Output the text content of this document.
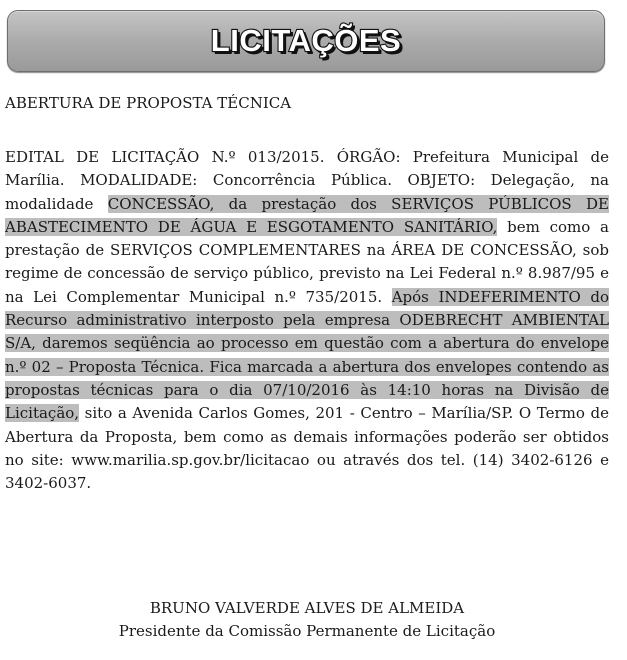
LICITAÇÕES

ABERTURA DE PROPOSTA TÉCNICA

EDITAL DE LICITAÇÃO N.º 013/2015. ÓRGÃO: Prefeitura Municipal de Marília. MODALIDADE: Concorrência Pública. OBJETO: Delegação, na modalidade CONCESSÃO, da prestação dos SERVIÇOS PÚBLICOS DE ABASTECIMENTO DE ÁGUA E ESGOTAMENTO SANITÁRIO, bem como a prestação de SERVIÇOS COMPLEMENTARES na ÁREA DE CONCESSÃO, sob regime de concessão de serviço público, previsto na Lei Federal n.º 8.987/95 e na Lei Complementar Municipal n.º 735/2015. Após INDEFERIMENTO do Recurso administrativo interposto pela empresa ODEBRECHT AMBIENTAL S/A, daremos seqüência ao processo em questão com a abertura do envelope n.º 02 – Proposta Técnica. Fica marcada a abertura dos envelopes contendo as propostas técnicas para o dia 07/10/2016 às 14:10 horas na Divisão de Licitação, sito a Avenida Carlos Gomes, 201 - Centro – Marília/SP. O Termo de Abertura da Proposta, bem como as demais informações poderão ser obtidos no site: www.marilia.sp.gov.br/licitacao ou através dos tel. (14) 3402-6126 e 3402-6037.

BRUNO VALVERDE ALVES DE ALMEIDA
Presidente da Comissão Permanente de Licitação
